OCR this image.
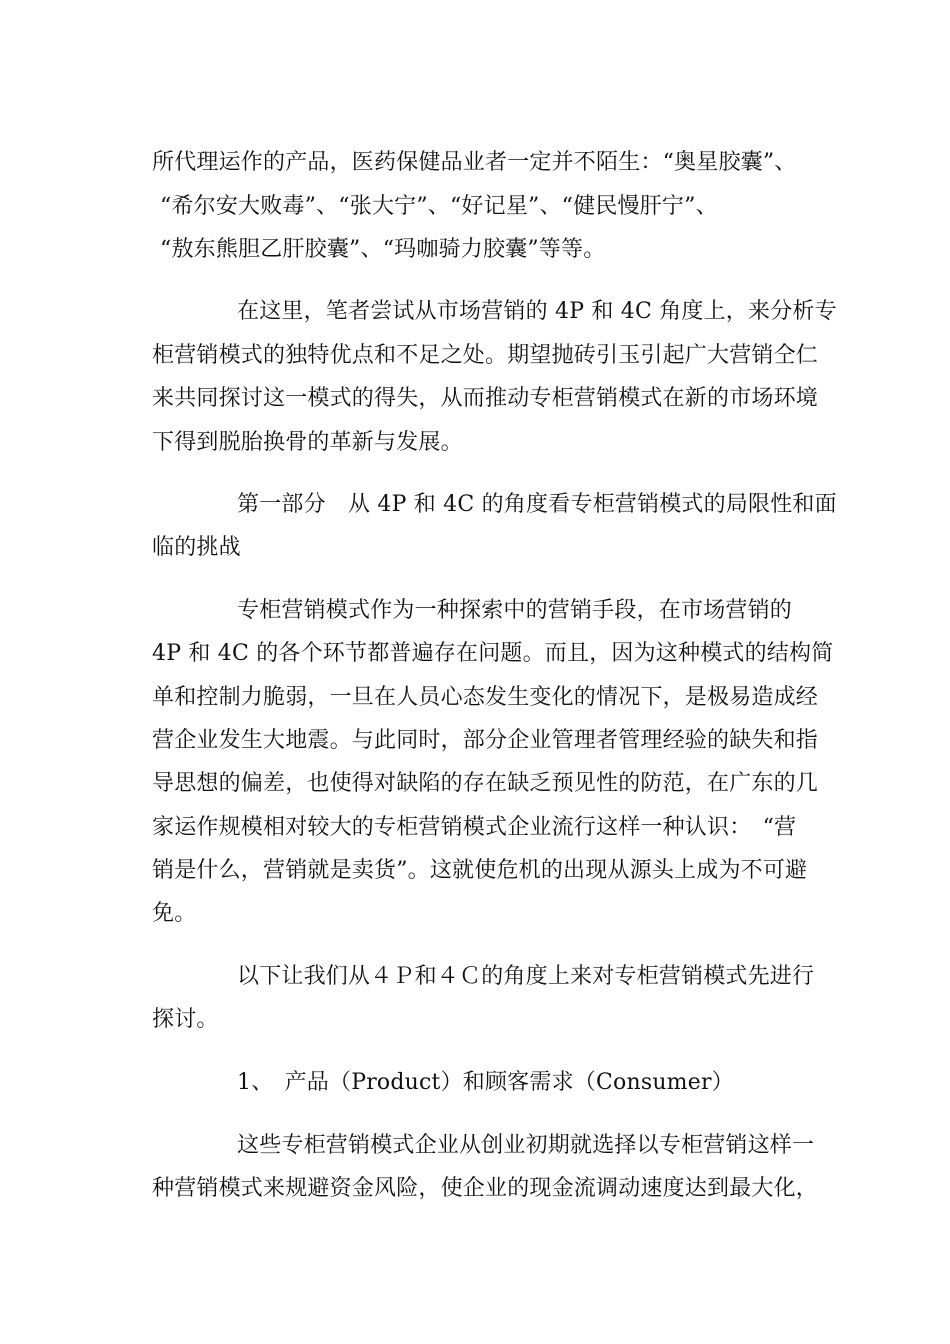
所代理运作的产品，医药保健品业者一定并不陌生：“奥星胶囊”、
“希尔安大败毒”、“张大宁”、“好记星”、“健民慢肝宁”、
“敖东熊胆乙肝胶囊”、“玛咖骑力胶囊”等等。
在这里，笔者尝试从市场营销的 4P 和 4C 角度上，来分析专
柜营销模式的独特优点和不足之处。期望抛砖引玉引起广大营销仝仁
来共同探讨这一模式的得失，从而推动专柜营销模式在新的市场环境
下得到脱胎换骨的革新与发展。
第一部分　从 4P 和 4C 的角度看专柜营销模式的局限性和面
临的挑战
专柜营销模式作为一种探索中的营销手段，在市场营销的
4P 和 4C 的各个环节都普遍存在问题。而且，因为这种模式的结构简
单和控制力脆弱，一旦在人员心态发生变化的情况下，是极易造成经
营企业发生大地震。与此同时，部分企业管理者管理经验的缺失和指
导思想的偏差，也使得对缺陷的存在缺乏预见性的防范，在广东的几
家运作规模相对较大的专柜营销模式企业流行这样一种认识：　“营
销是什么，营销就是卖货”。这就使危机的出现从源头上成为不可避
免。
以下让我们从４Ｐ和４Ｃ的角度上来对专柜营销模式先进行
探讨。
1、　产品（Product）和顾客需求（Consumer）
这些专柜营销模式企业从创业初期就选择以专柜营销这样一
种营销模式来规避资金风险，使企业的现金流调动速度达到最大化，
